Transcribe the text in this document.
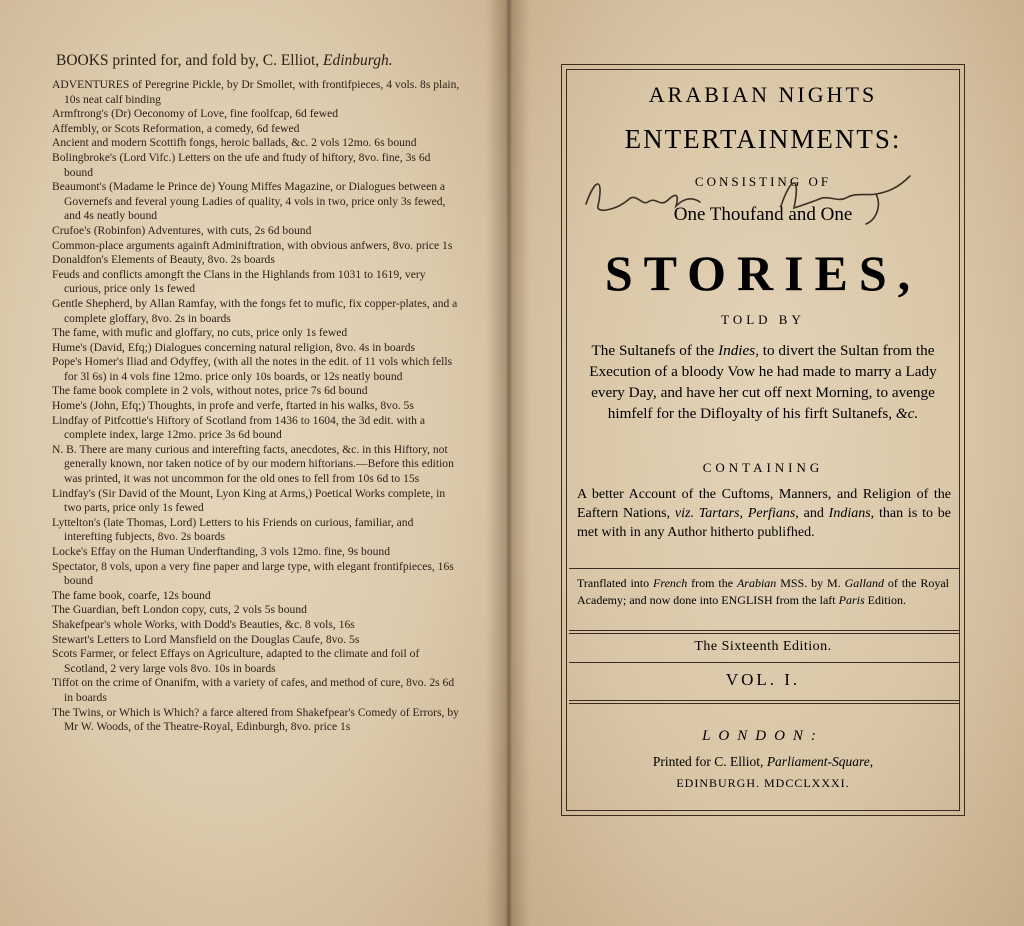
BOOKS printed for, and fold by, C. Elliot, Edinburgh.
ADVENTURES of Peregrine Pickle, by Dr Smollet, with frontifpieces, 4 vols. 8s plain, 10s neat calf binding
Armftrong's (Dr) Oeconomy of Love, fine foolfcap, 6d fewed
Affembly, or Scots Reformation, a comedy, 6d fewed
Ancient and modern Scottifh fongs, heroic ballads, &c. 2 vols 12mo. 6s bound
Bolingbroke's (Lord Vifc.) Letters on the ufe and ftudy of hiftory, 8vo. fine, 3s 6d bound
Beaumont's (Madame le Prince de) Young Miffes Magazine, or Dialogues between a Governefs and feveral young Ladies of quality, 4 vols in two, price only 3s fewed, and 4s neatly bound
Crufoe's (Robinfon) Adventures, with cuts, 2s 6d bound
Common-place arguments againft Adminiftration, with obvious anfwers, 8vo. price 1s
Donaldfon's Elements of Beauty, 8vo. 2s boards
Feuds and conflicts amongft the Clans in the Highlands from 1031 to 1619, very curious, price only 1s fewed
Gentle Shepherd, by Allan Ramfay, with the fongs fet to mufic, fix copper-plates, and a complete gloffary, 8vo. 2s in boards
The fame, with mufic and gloffary, no cuts, price only 1s fewed
Hume's (David, Efq;) Dialogues concerning natural religion, 8vo. 4s in boards
Pope's Homer's Iliad and Odyffey, (with all the notes in the edit. of 11 vols which fells for 3l 6s) in 4 vols fine 12mo. price only 10s boards, or 12s neatly bound
The fame book complete in 2 vols, without notes, price 7s 6d bound
Home's (John, Efq;) Thoughts, in profe and verfe, ftarted in his walks, 8vo. 5s
Lindfay of Pitfcottie's Hiftory of Scotland from 1436 to 1604, the 3d edit. with a complete index, large 12mo. price 3s 6d bound
N. B. There are many curious and interefting facts, anecdotes, &c. in this Hiftory, not generally known, nor taken notice of by our modern hiftorians.—Before this edition was printed, it was not uncommon for the old ones to fell from 10s 6d to 15s
Lindfay's (Sir David of the Mount, Lyon King at Arms,) Poetical Works complete, in two parts, price only 1s fewed
Lyttelton's (late Thomas, Lord) Letters to his Friends on curious, familiar, and interefting fubjects, 8vo. 2s boards
Locke's Effay on the Human Underftanding, 3 vols 12mo. fine, 9s bound
Spectator, 8 vols, upon a very fine paper and large type, with elegant frontifpieces, 16s bound
The fame book, coarfe, 12s bound
The Guardian, beft London copy, cuts, 2 vols 5s bound
Shakefpear's whole Works, with Dodd's Beauties, &c. 8 vols, 16s
Stewart's Letters to Lord Mansfield on the Douglas Caufe, 8vo. 5s
Scots Farmer, or felect Effays on Agriculture, adapted to the climate and foil of Scotland, 2 very large vols 8vo. 10s in boards
Tiffot on the crime of Onanifm, with a variety of cafes, and method of cure, 8vo. 2s 6d in boards
The Twins, or Which is Which? a farce altered from Shakefpear's Comedy of Errors, by Mr W. Woods, of the Theatre-Royal, Edinburgh, 8vo. price 1s
ARABIAN NIGHTS
ENTERTAINMENTS:
CONSISTING OF
One Thoufand and One
STORIES,
TOLD BY
The Sultanefs of the Indies, to divert the Sultan from the Execution of a bloody Vow he had made to marry a Lady every Day, and have her cut off next Morning, to avenge himfelf for the Difloyalty of his firft Sultanefs, &c.
CONTAINING
A better Account of the Cuftoms, Manners, and Religion of the Eaftern Nations, viz. Tartars, Perfians, and Indians, than is to be met with in any Author hitherto publifhed.
Tranflated into French from the Arabian MSS. by M. Galland of the Royal Academy; and now done into ENGLISH from the laft Paris Edition.
The Sixteenth Edition.
VOL. I.
LONDON:
Printed for C. Elliot, Parliament-Square,
EDINBURGH. MDCCLXXXI.
